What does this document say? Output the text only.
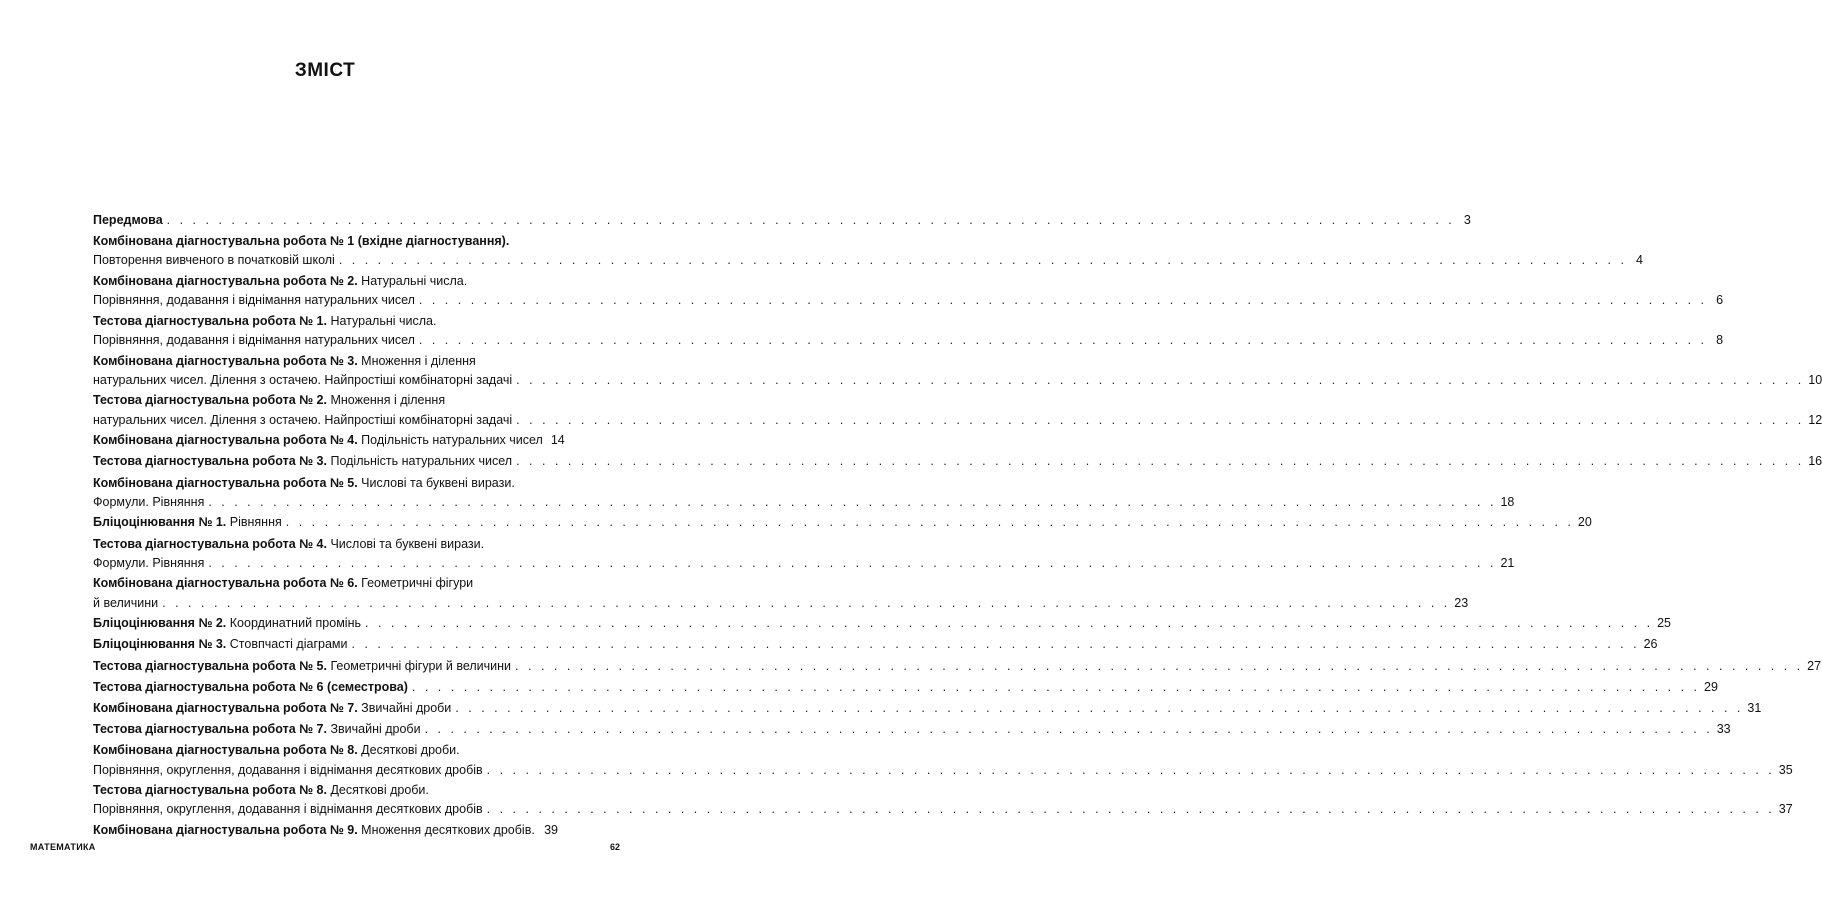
ЗМІСТ
Передмова . . . . . . . . . . . . . . . . . . . . . . . . . . . . . . . . . . . . . . . . . . . . . . . . . . . . . . . . . . . . . . . . . . . . . . . . . . . . . . . . . . . . . . . . . . . . . . . . . . . . 3
Комбінована діагностувальна робота № 1 (вхідне діагностування).
Повторення вивченого в початковій школі . . . . . . . . . . . . . . . . . . . . . . . . . . . . . . . . . . . . . . . . . . . . . . . . . . . . . . . . . . . . . . . . . . . . . . . . . . . . . . . . . . . . . . . . . . . . . . . . . . . . 4
Комбінована діагностувальна робота № 2. Натуральні числа.
Порівняння, додавання і віднімання натуральних чисел . . . . . . . . . . . . . . . . . . . . . . . . . . . . . . . . . . . . . . . . . . . . . . . . . . . . . . . . . . . . . . . . . . . . . . . . . . . . . . . . . . . . . . . . . . . . . . . . . . . . 6
Тестова діагностувальна робота № 1. Натуральні числа.
Порівняння, додавання і віднімання натуральних чисел . . . . . . . . . . . . . . . . . . . . . . . . . . . . . . . . . . . . . . . . . . . . . . . . . . . . . . . . . . . . . . . . . . . . . . . . . . . . . . . . . . . . . . . . . . . . . . . . . . . . 8
Комбінована діагностувальна робота № 3. Множення і ділення
натуральних чисел. Ділення з остачею. Найпростіші комбінаторні задачі . . . . . . . . . . . . . . . . . . . . . . . . . . . . . . . . . . . . . . . . . . . . . . . . . . . . . . . . . . . . . . . . . . . . . . . . . . . . . . . . . . . . . . . . . . . . . . . . . . . . 10
Тестова діагностувальна робота № 2. Множення і ділення
натуральних чисел. Ділення з остачею. Найпростіші комбінаторні задачі . . . . . . . . . . . . . . . . . . . . . . . . . . . . . . . . . . . . . . . . . . . . . . . . . . . . . . . . . . . . . . . . . . . . . . . . . . . . . . . . . . . . . . . . . . . . . . . . . . . . 12
Комбінована діагностувальна робота № 4. Подільність натуральних чисел 14
Тестова діагностувальна робота № 3. Подільність натуральних чисел . . . . . . . . . . . . . . . . . . . . . . . . . . . . . . . . . . . . . . . . . . . . . . . . . . . . . . . . . . . . . . . . . . . . . . . . . . . . . . . . . . . . . . . . . . . . . . . . . . . . 16
Комбінована діагностувальна робота № 5. Числові та буквені вирази.
Формули. Рівняння . . . . . . . . . . . . . . . . . . . . . . . . . . . . . . . . . . . . . . . . . . . . . . . . . . . . . . . . . . . . . . . . . . . . . . . . . . . . . . . . . . . . . . . . . . . . . . . . . . . . 18
Бліцоцінювання № 1. Рівняння . . . . . . . . . . . . . . . . . . . . . . . . . . . . . . . . . . . . . . . . . . . . . . . . . . . . . . . . . . . . . . . . . . . . . . . . . . . . . . . . . . . . . . . . . . . . . . . . . . . . 20
Тестова діагностувальна робота № 4. Числові та буквені вирази.
Формули. Рівняння . . . . . . . . . . . . . . . . . . . . . . . . . . . . . . . . . . . . . . . . . . . . . . . . . . . . . . . . . . . . . . . . . . . . . . . . . . . . . . . . . . . . . . . . . . . . . . . . . . . . 21
Комбінована діагностувальна робота № 6. Геометричні фігури
й величини . . . . . . . . . . . . . . . . . . . . . . . . . . . . . . . . . . . . . . . . . . . . . . . . . . . . . . . . . . . . . . . . . . . . . . . . . . . . . . . . . . . . . . . . . . . . . . . . . . . . 23
Бліцоцінювання № 2. Координатний промінь . . . . . . . . . . . . . . . . . . . . . . . . . . . . . . . . . . . . . . . . . . . . . . . . . . . . . . . . . . . . . . . . . . . . . . . . . . . . . . . . . . . . . . . . . . . . . . . . . . . . 25
Бліцоцінювання № 3. Стовпчасті діаграми . . . . . . . . . . . . . . . . . . . . . . . . . . . . . . . . . . . . . . . . . . . . . . . . . . . . . . . . . . . . . . . . . . . . . . . . . . . . . . . . . . . . . . . . . . . . . . . . . . . . 26
Тестова діагностувальна робота № 5. Геометричні фігури й величини . . . . . . . . . . . . . . . . . . . . . . . . . . . . . . . . . . . . . . . . . . . . . . . . . . . . . . . . . . . . . . . . . . . . . . . . . . . . . . . . . . . . . . . . . . . . . . . . . . . . 27
Тестова діагностувальна робота № 6 (семестрова) . . . . . . . . . . . . . . . . . . . . . . . . . . . . . . . . . . . . . . . . . . . . . . . . . . . . . . . . . . . . . . . . . . . . . . . . . . . . . . . . . . . . . . . . . . . . . . . . . . . . 29
Комбінована діагностувальна робота № 7. Звичайні дроби . . . . . . . . . . . . . . . . . . . . . . . . . . . . . . . . . . . . . . . . . . . . . . . . . . . . . . . . . . . . . . . . . . . . . . . . . . . . . . . . . . . . . . . . . . . . . . . . . . . . 31
Тестова діагностувальна робота № 7. Звичайні дроби . . . . . . . . . . . . . . . . . . . . . . . . . . . . . . . . . . . . . . . . . . . . . . . . . . . . . . . . . . . . . . . . . . . . . . . . . . . . . . . . . . . . . . . . . . . . . . . . . . . . 33
Комбінована діагностувальна робота № 8. Десяткові дроби.
Порівняння, округлення, додавання і віднімання десяткових дробів . . . . . . . . . . . . . . . . . . . . . . . . . . . . . . . . . . . . . . . . . . . . . . . . . . . . . . . . . . . . . . . . . . . . . . . . . . . . . . . . . . . . . . . . . . . . . . . . . . . . 35
Тестова діагностувальна робота № 8. Десяткові дроби.
Порівняння, округлення, додавання і віднімання десяткових дробів . . . . . . . . . . . . . . . . . . . . . . . . . . . . . . . . . . . . . . . . . . . . . . . . . . . . . . . . . . . . . . . . . . . . . . . . . . . . . . . . . . . . . . . . . . . . . . . . . . . . 37
Комбінована діагностувальна робота № 9. Множення десяткових дробів. 39
МАТЕМАТИКА	62
